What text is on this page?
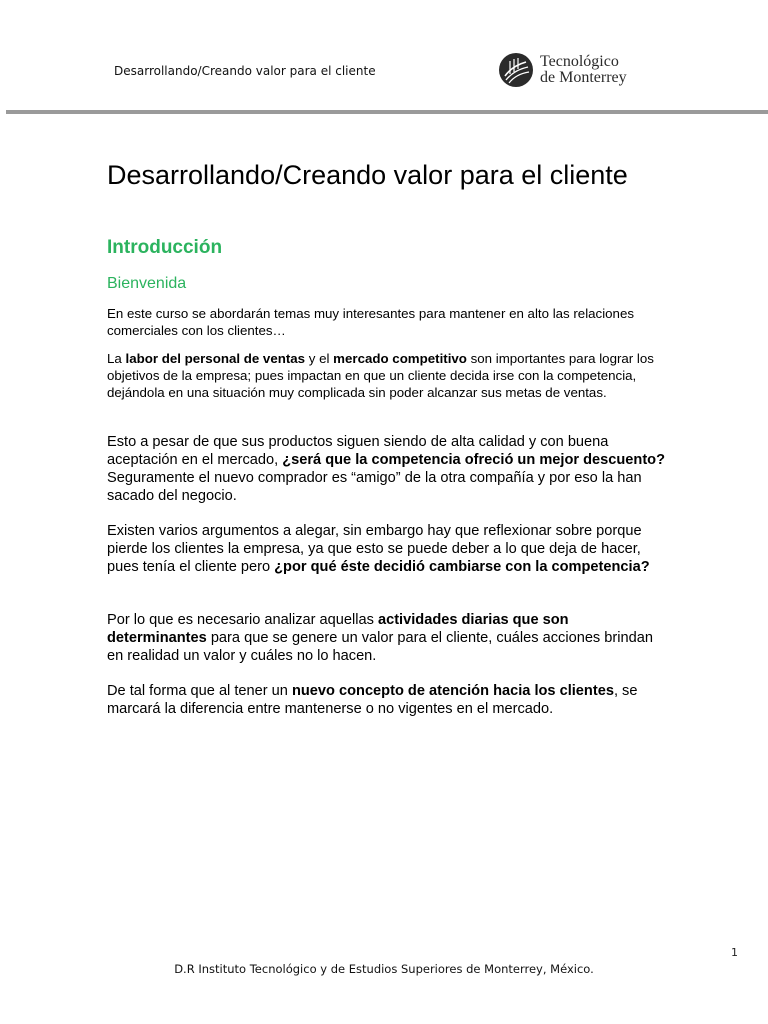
Desarrollando/Creando valor para el cliente
Tecnológico
de Monterrey
Desarrollando/Creando valor para el cliente
Introducción
Bienvenida

En este curso se abordarán temas muy interesantes para mantener en alto las relaciones comerciales con los clientes…

La labor del personal de ventas y el mercado competitivo son importantes para lograr los objetivos de la empresa; pues impactan en que un cliente decida irse con la competencia, dejándola en una situación muy complicada sin poder alcanzar sus metas de ventas.

Esto a pesar de que sus productos siguen siendo de alta calidad y con buena aceptación en el mercado, ¿será que la competencia ofreció un mejor descuento? Seguramente el nuevo comprador es “amigo” de la otra compañía y por eso la han sacado del negocio.

Existen varios argumentos a alegar, sin embargo hay que reflexionar sobre porque pierde los clientes la empresa, ya que esto se puede deber a lo que deja de hacer, pues tenía el cliente pero ¿por qué éste decidió cambiarse con la competencia?

Por lo que es necesario analizar aquellas actividades diarias que son determinantes para que se genere un valor para el cliente, cuáles acciones brindan en realidad un valor y cuáles no lo hacen.

De tal forma que al tener un nuevo concepto de atención hacia los clientes, se marcará la diferencia entre mantenerse o no vigentes en el mercado.

1
D.R Instituto Tecnológico y de Estudios Superiores de Monterrey, México.
